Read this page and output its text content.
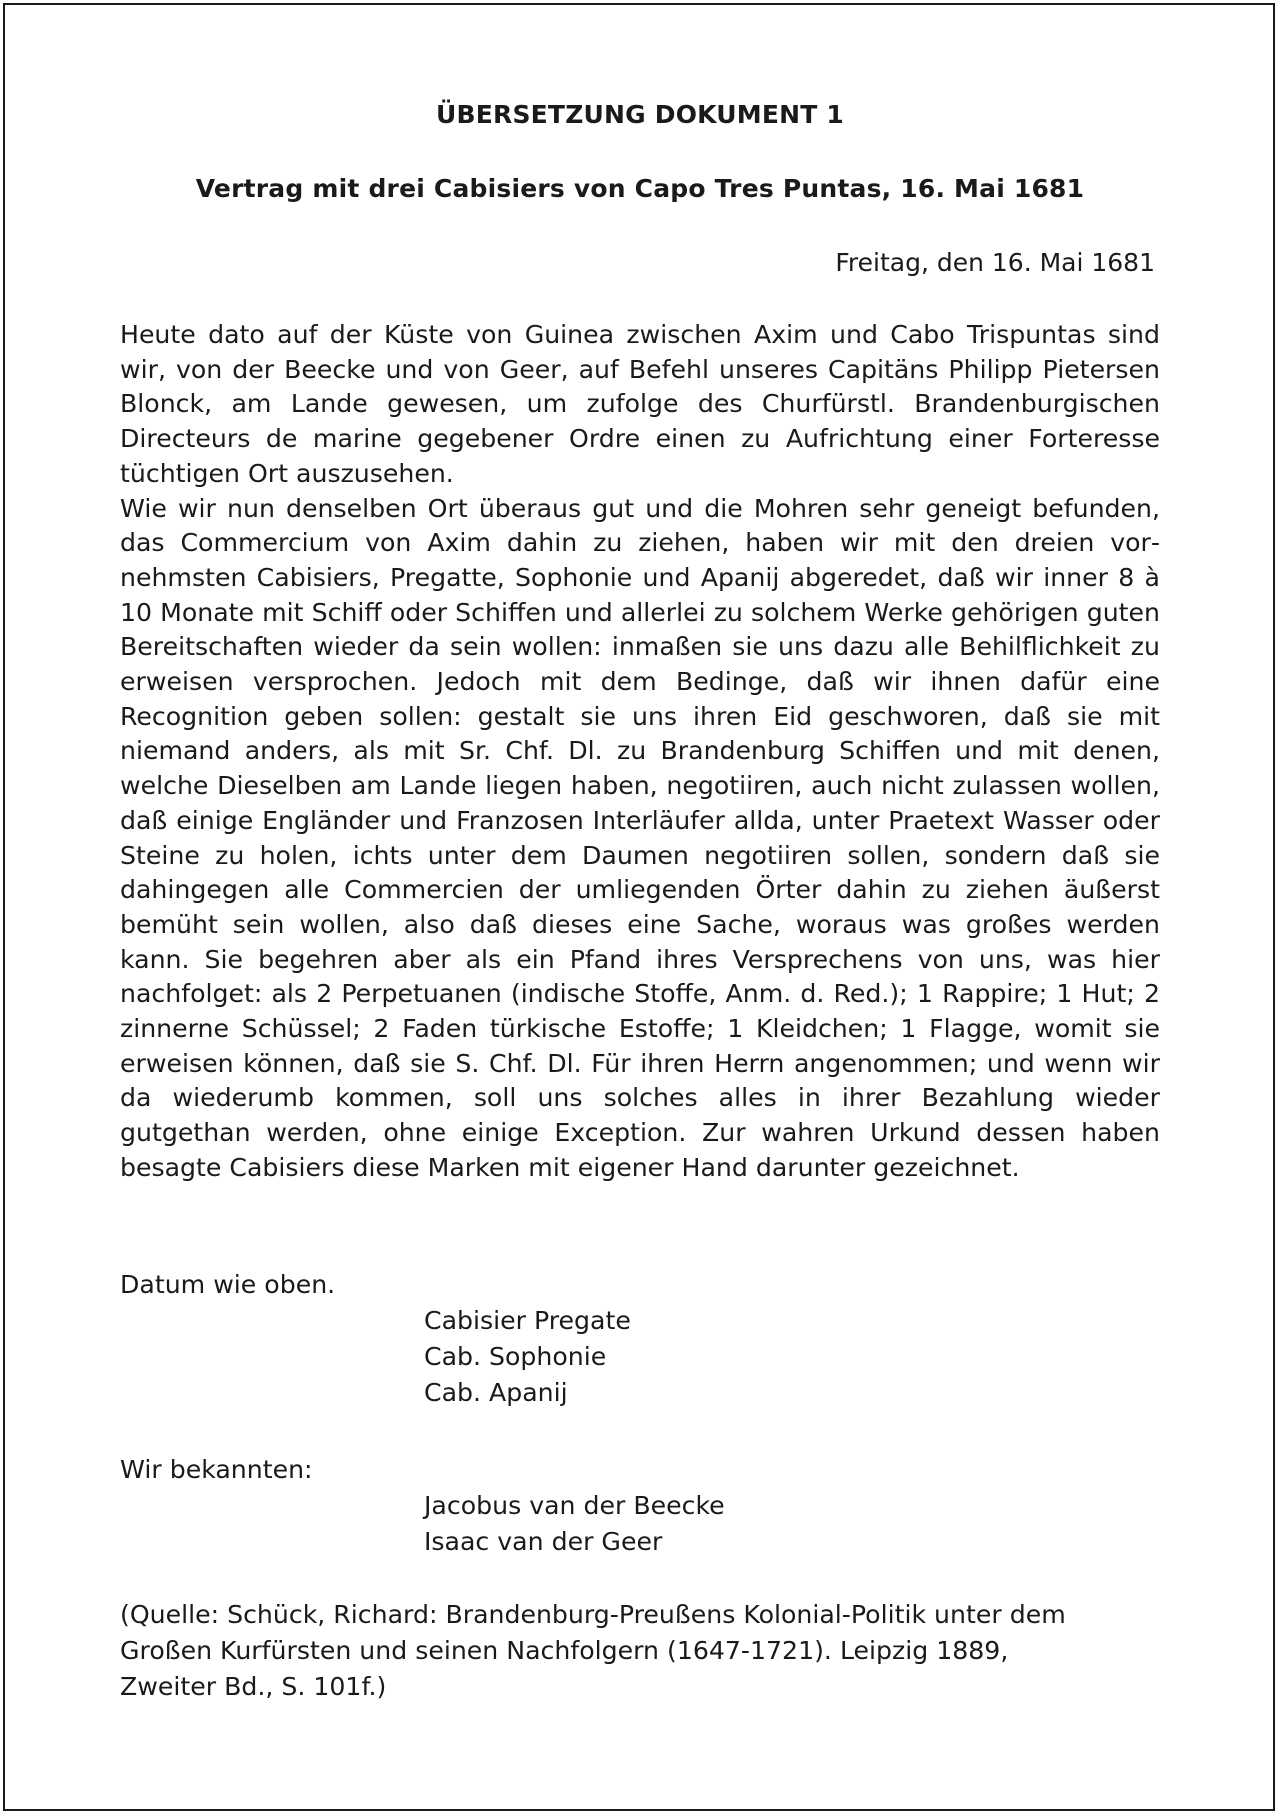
ÜBERSETZUNG DOKUMENT 1
Vertrag mit drei Cabisiers von Capo Tres Puntas, 16. Mai 1681
Freitag, den 16. Mai 1681

Heute dato auf der Küste von Guinea zwischen Axim und Cabo Trispuntas sind wir, von der Beecke und von Geer, auf Befehl unseres Capitäns Philipp Pietersen Blonck, am Lande gewesen, um zufolge des Churfürstl. Brandenburgischen Directeurs de marine gegebener Ordre einen zu Aufrichtung einer Forteresse tüchtigen Ort auszusehen.

Wie wir nun denselben Ort überaus gut und die Mohren sehr geneigt befunden, das Commercium von Axim dahin zu ziehen, haben wir mit den dreien vornehmsten Cabisiers, Pregatte, Sophonie und Apanij abgeredet, daß wir inner 8 à 10 Monate mit Schiff oder Schiffen und allerlei zu solchem Werke gehörigen guten Bereitschaften wieder da sein wollen: inmaßen sie uns dazu alle Behilflichkeit zu erweisen versprochen. Jedoch mit dem Bedinge, daß wir ihnen dafür eine Recognition geben sollen: gestalt sie uns ihren Eid geschworen, daß sie mit niemand anders, als mit Sr. Chf. Dl. zu Brandenburg Schiffen und mit denen, welche Dieselben am Lande liegen haben, negotiiren, auch nicht zulassen wollen, daß einige Engländer und Franzosen Interläufer allda, unter Praetext Wasser oder Steine zu holen, ichts unter dem Daumen negotiiren sollen, sondern daß sie dahingegen alle Commercien der umliegenden Örter dahin zu ziehen äußerst bemüht sein wollen, also daß dieses eine Sache, woraus was großes werden kann. Sie begehren aber als ein Pfand ihres Versprechens von uns, was hier nachfolget: als 2 Perpetuanen (indische Stoffe, Anm. d. Red.); 1 Rappire; 1 Hut; 2 zinnerne Schüssel; 2 Faden türkische Estoffe; 1 Kleidchen; 1 Flagge, womit sie erweisen können, daß sie S. Chf. Dl. Für ihren Herrn angenommen; und wenn wir da wiederumb kommen, soll uns solches alles in ihrer Bezahlung wieder gutgethan werden, ohne einige Exception. Zur wahren Urkund dessen haben besagte Cabisiers diese Marken mit eigener Hand darunter gezeichnet.

Datum wie oben.
Cabisier Pregate
Cab. Sophonie
Cab. Apanij
Wir bekannten:
Jacobus van der Beecke
Isaac van der Geer
(Quelle: Schück, Richard: Brandenburg-Preußens Kolonial-Politik unter dem
Großen Kurfürsten und seinen Nachfolgern (1647-1721). Leipzig 1889,
Zweiter Bd., S. 101f.)
